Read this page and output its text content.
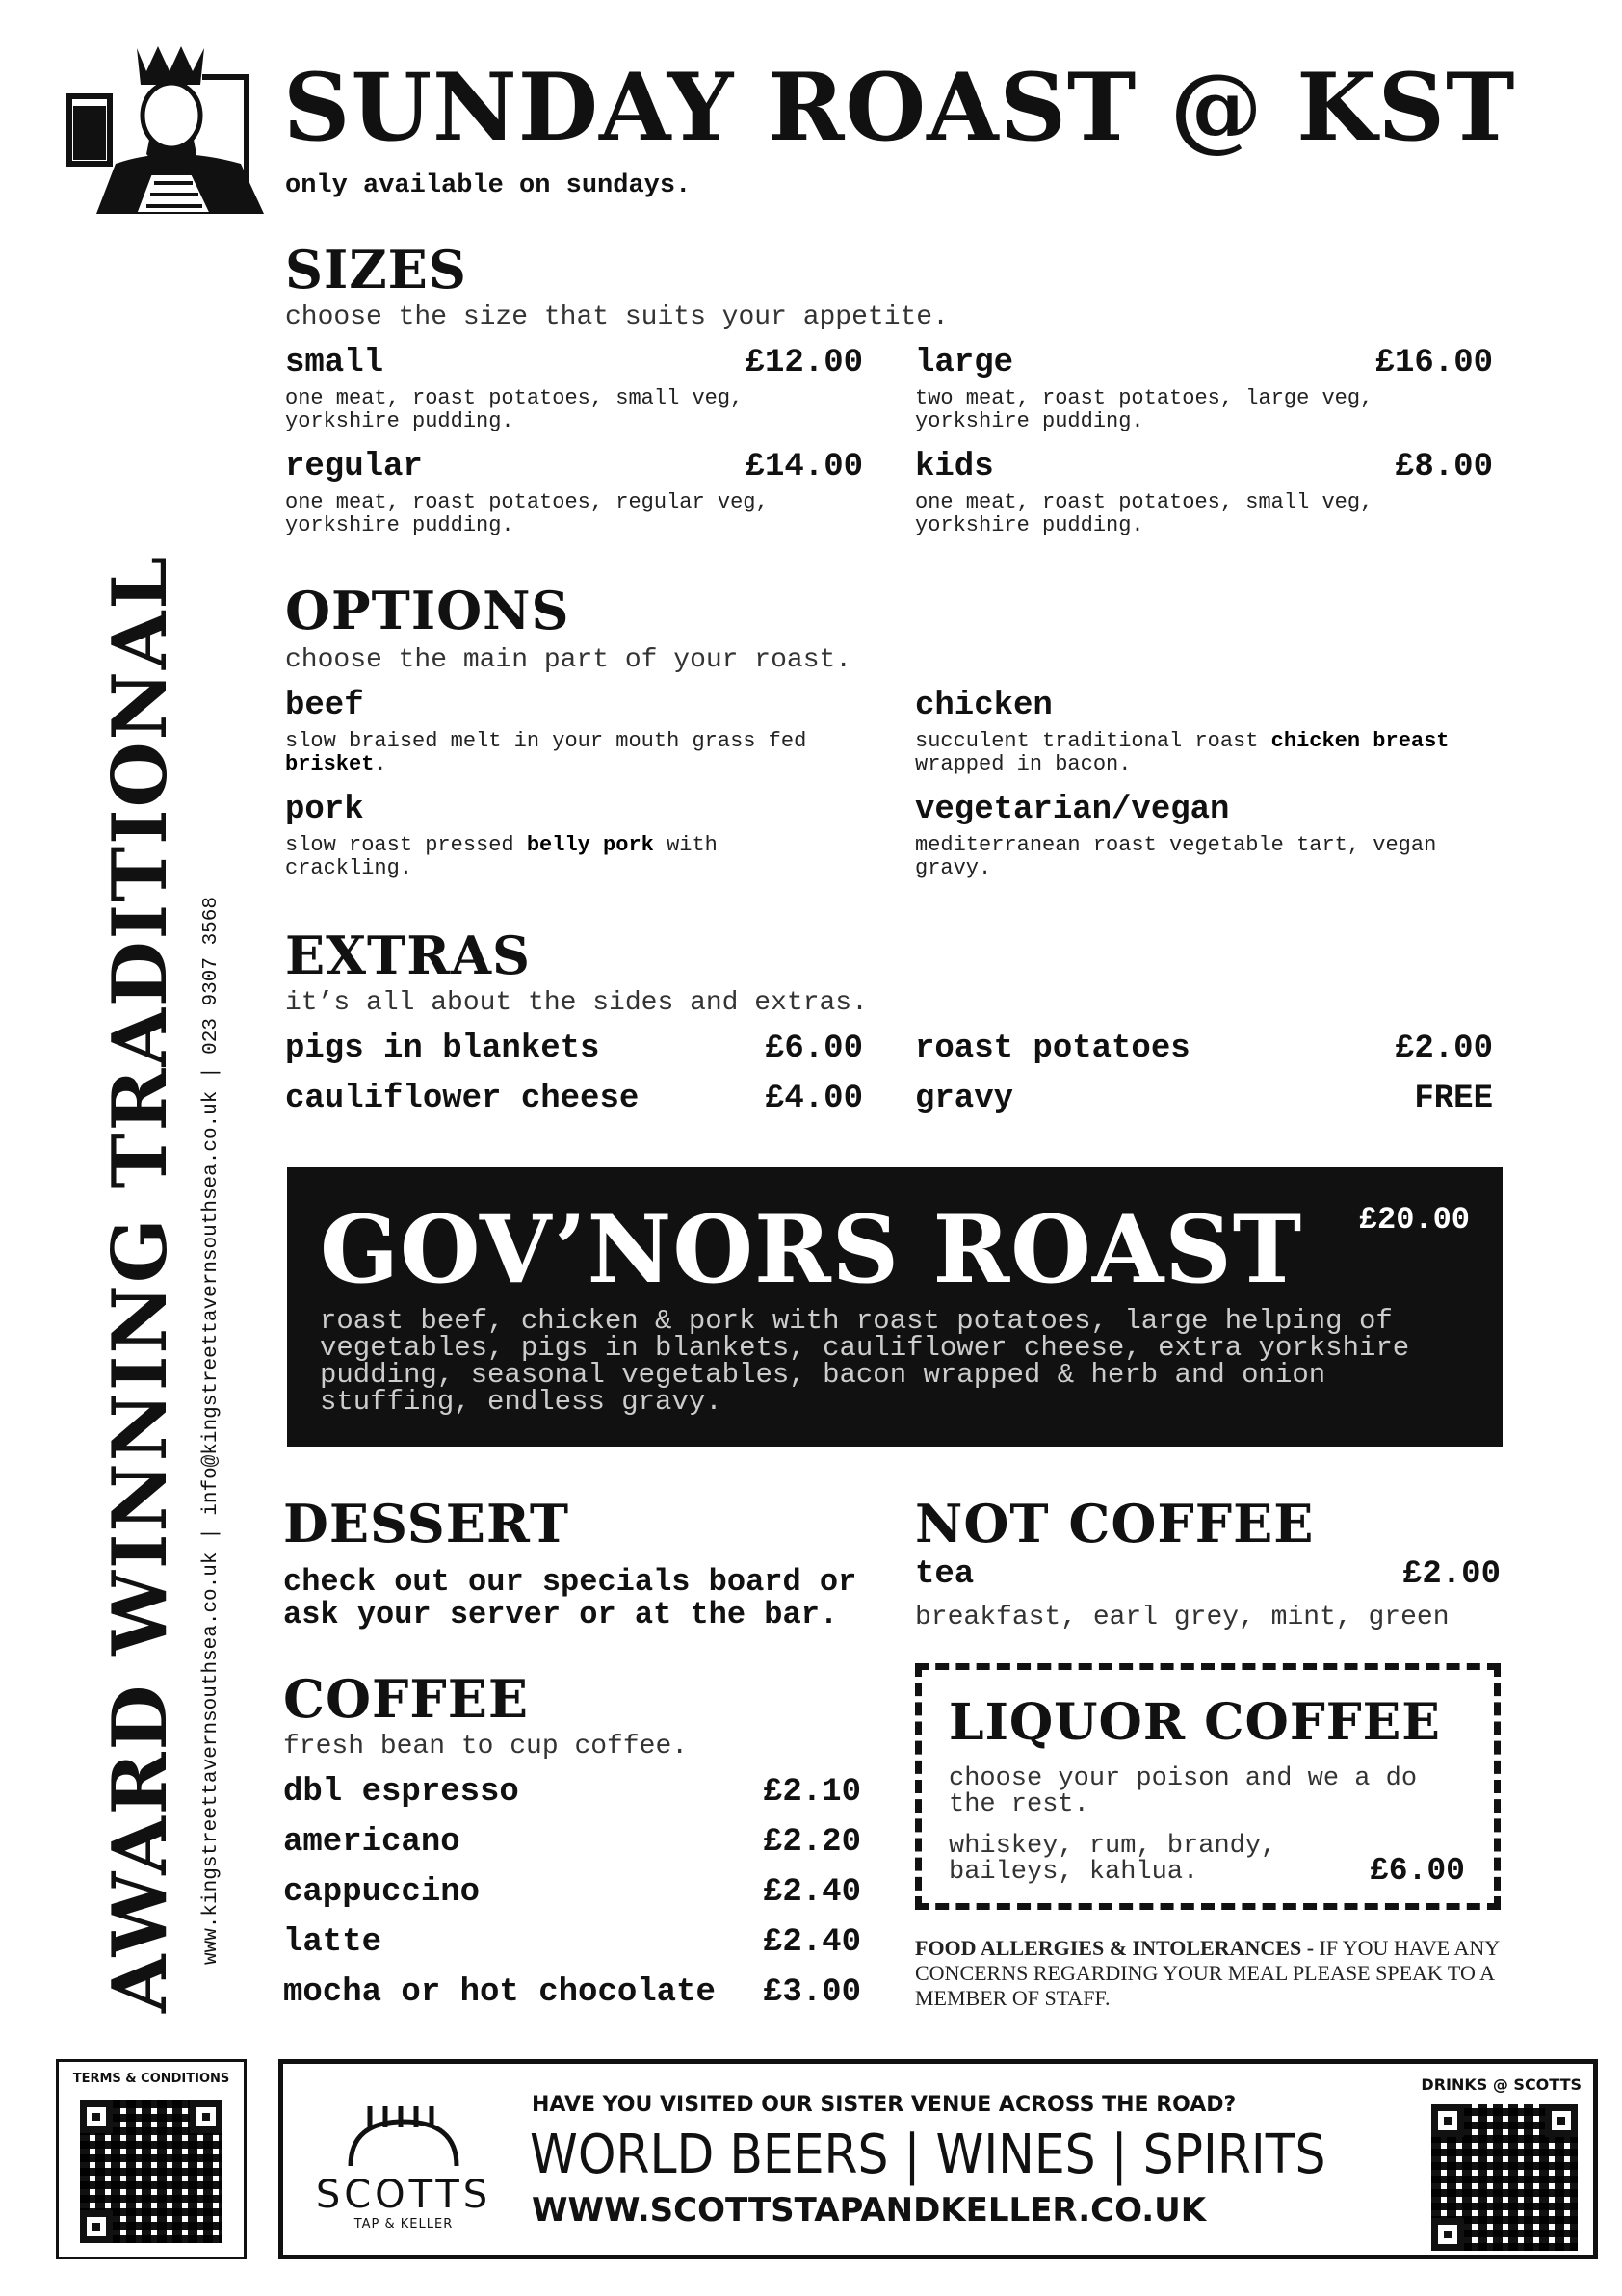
SUNDAY ROAST @ KST
only available on sundays.
AWARD WINNING TRADITIONAL www.kingstreettavernsouthsea.co.uk | info@kingstreettavernsouthsea.co.uk | 023 9307 3568
SIZES
choose the size that suits your appetite.
small	£12.00
one meat, roast potatoes, small veg, yorkshire pudding.
large	£16.00
two meat, roast potatoes, large veg, yorkshire pudding.
regular	£14.00
one meat, roast potatoes, regular veg, yorkshire pudding.
kids	£8.00
one meat, roast potatoes, small veg, yorkshire pudding.
OPTIONS
choose the main part of your roast.
beef
slow braised melt in your mouth grass fed brisket.
chicken
succulent traditional roast chicken breast wrapped in bacon.
pork
slow roast pressed belly pork with crackling.
vegetarian/vegan
mediterranean roast vegetable tart, vegan gravy.
EXTRAS
it’s all about the sides and extras.
pigs in blankets	£6.00 roast potatoes	£2.00
cauliflower cheese	£4.00 gravy	FREE
GOV’NORS ROAST £20.00
roast beef, chicken & pork with roast potatoes, large helping of vegetables, pigs in blankets, cauliflower cheese, extra yorkshire pudding, seasonal vegetables, bacon wrapped & herb and onion stuffing, endless gravy.
DESSERT
check out our specials board or ask your server or at the bar.
COFFEE
fresh bean to cup coffee.
dbl espresso	£2.10
americano	£2.20
cappuccino	£2.40
latte	£2.40
mocha or hot chocolate £3.00
NOT COFFEE
tea	£2.00
breakfast, earl grey, mint, green
LIQUOR COFFEE
choose your poison and we a do the rest.
whiskey, rum, brandy, baileys, kahlua.	£6.00
FOOD ALLERGIES & INTOLERANCES - IF YOU HAVE ANY CONCERNS REGARDING YOUR MEAL PLEASE SPEAK TO A MEMBER OF STAFF.
TERMS & CONDITIONS
SCOTTS
TAP & KELLER
HAVE YOU VISITED OUR SISTER VENUE ACROSS THE ROAD?
WORLD BEERS | WINES | SPIRITS
WWW.SCOTTSTAPANDKELLER.CO.UK
DRINKS @ SCOTTS
